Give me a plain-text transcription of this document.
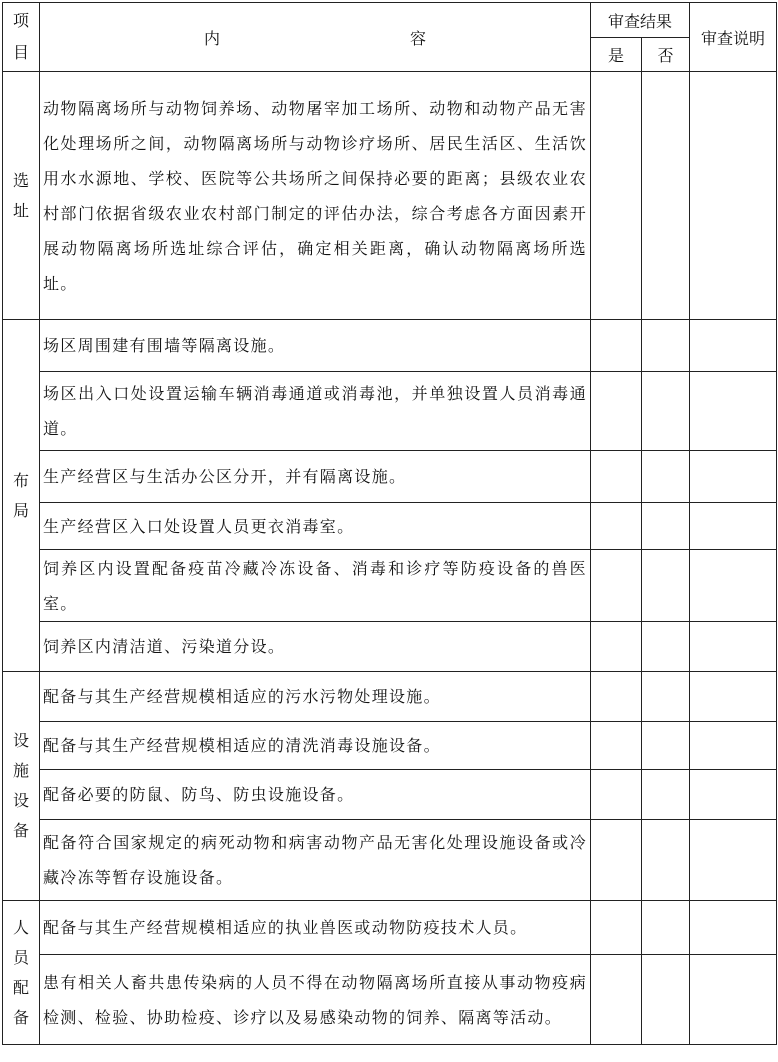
项
目	内 容	审查结果		审查说明
		是	否	

选
址	动物隔离场所与动物饲养场、动物屠宰加工场所、动物和动物产品无害化处理场所之间，动物隔离场所与动物诊疗场所、居民生活区、生活饮用水水源地、学校、医院等公共场所之间保持必要的距离；县级农业农村部门依据省级农业农村部门制定的评估办法，综合考虑各方面因素开展动物隔离场所选址综合评估，确定相关距离，确认动物隔离场所选址。			

布
局	场区周围建有围墙等隔离设施。			
	场区出入口处设置运输车辆消毒通道或消毒池，并单独设置人员消毒通道。			
	生产经营区与生活办公区分开，并有隔离设施。			
	生产经营区入口处设置人员更衣消毒室。			
	饲养区内设置配备疫苗冷藏冷冻设备、消毒和诊疗等防疫设备的兽医室。			
	饲养区内清洁道、污染道分设。			

设
施
设
备	配备与其生产经营规模相适应的污水污物处理设施。			
	配备与其生产经营规模相适应的清洗消毒设施设备。			
	配备必要的防鼠、防鸟、防虫设施设备。			
	配备符合国家规定的病死动物和病害动物产品无害化处理设施设备或冷藏冷冻等暂存设施设备。			

人
员
配
备	配备与其生产经营规模相适应的执业兽医或动物防疫技术人员。			
	患有相关人畜共患传染病的人员不得在动物隔离场所直接从事动物疫病检测、检验、协助检疫、诊疗以及易感染动物的饲养、隔离等活动。			
